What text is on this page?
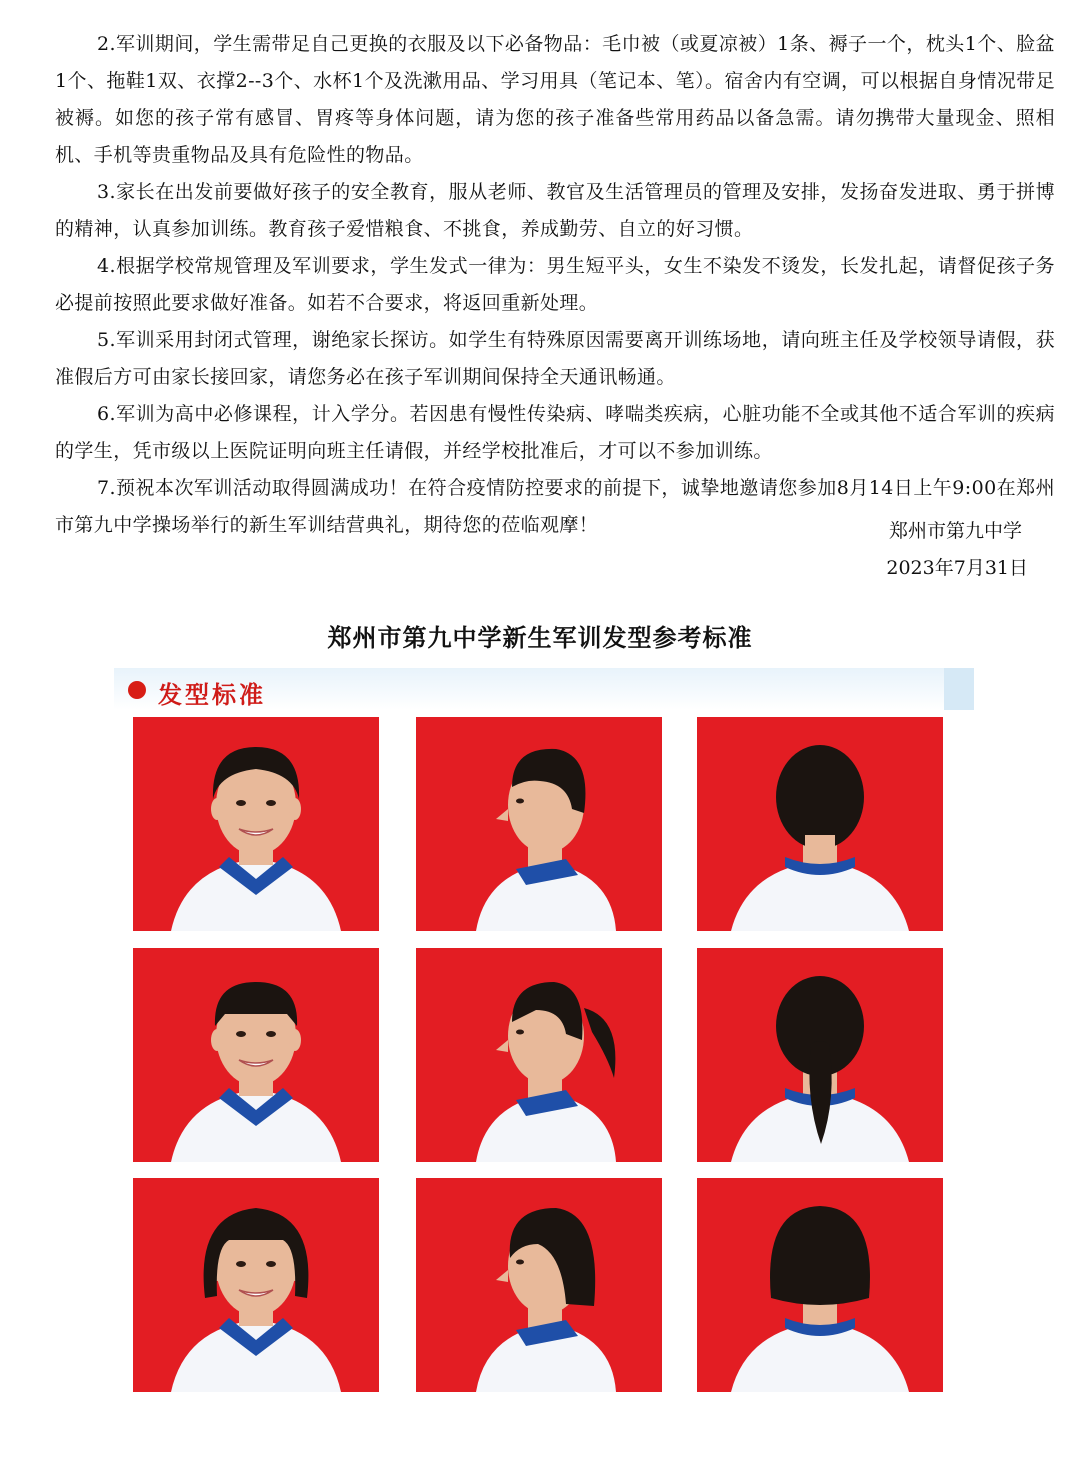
2.军训期间，学生需带足自己更换的衣服及以下必备物品：毛巾被（或夏凉被）1条、褥子一个，枕头1个、脸盆1个、拖鞋1双、衣撑2--3个、水杯1个及洗漱用品、学习用具（笔记本、笔）。宿舍内有空调，可以根据自身情况带足被褥。如您的孩子常有感冒、胃疼等身体问题，请为您的孩子准备些常用药品以备急需。请勿携带大量现金、照相机、手机等贵重物品及具有危险性的物品。

3.家长在出发前要做好孩子的安全教育，服从老师、教官及生活管理员的管理及安排，发扬奋发进取、勇于拼博的精神，认真参加训练。教育孩子爱惜粮食、不挑食，养成勤劳、自立的好习惯。

4.根据学校常规管理及军训要求，学生发式一律为：男生短平头，女生不染发不烫发，长发扎起，请督促孩子务必提前按照此要求做好准备。如若不合要求，将返回重新处理。

5.军训采用封闭式管理，谢绝家长探访。如学生有特殊原因需要离开训练场地，请向班主任及学校领导请假，获准假后方可由家长接回家，请您务必在孩子军训期间保持全天通讯畅通。

6.军训为高中必修课程，计入学分。若因患有慢性传染病、哮喘类疾病，心脏功能不全或其他不适合军训的疾病的学生，凭市级以上医院证明向班主任请假，并经学校批准后，才可以不参加训练。

7.预祝本次军训活动取得圆满成功！在符合疫情防控要求的前提下，诚挚地邀请您参加8月14日上午9:00在郑州市第九中学操场举行的新生军训结营典礼，期待您的莅临观摩！	郑州市第九中学
2023年7月31日
郑州市第九中学新生军训发型参考标准
发型标准
